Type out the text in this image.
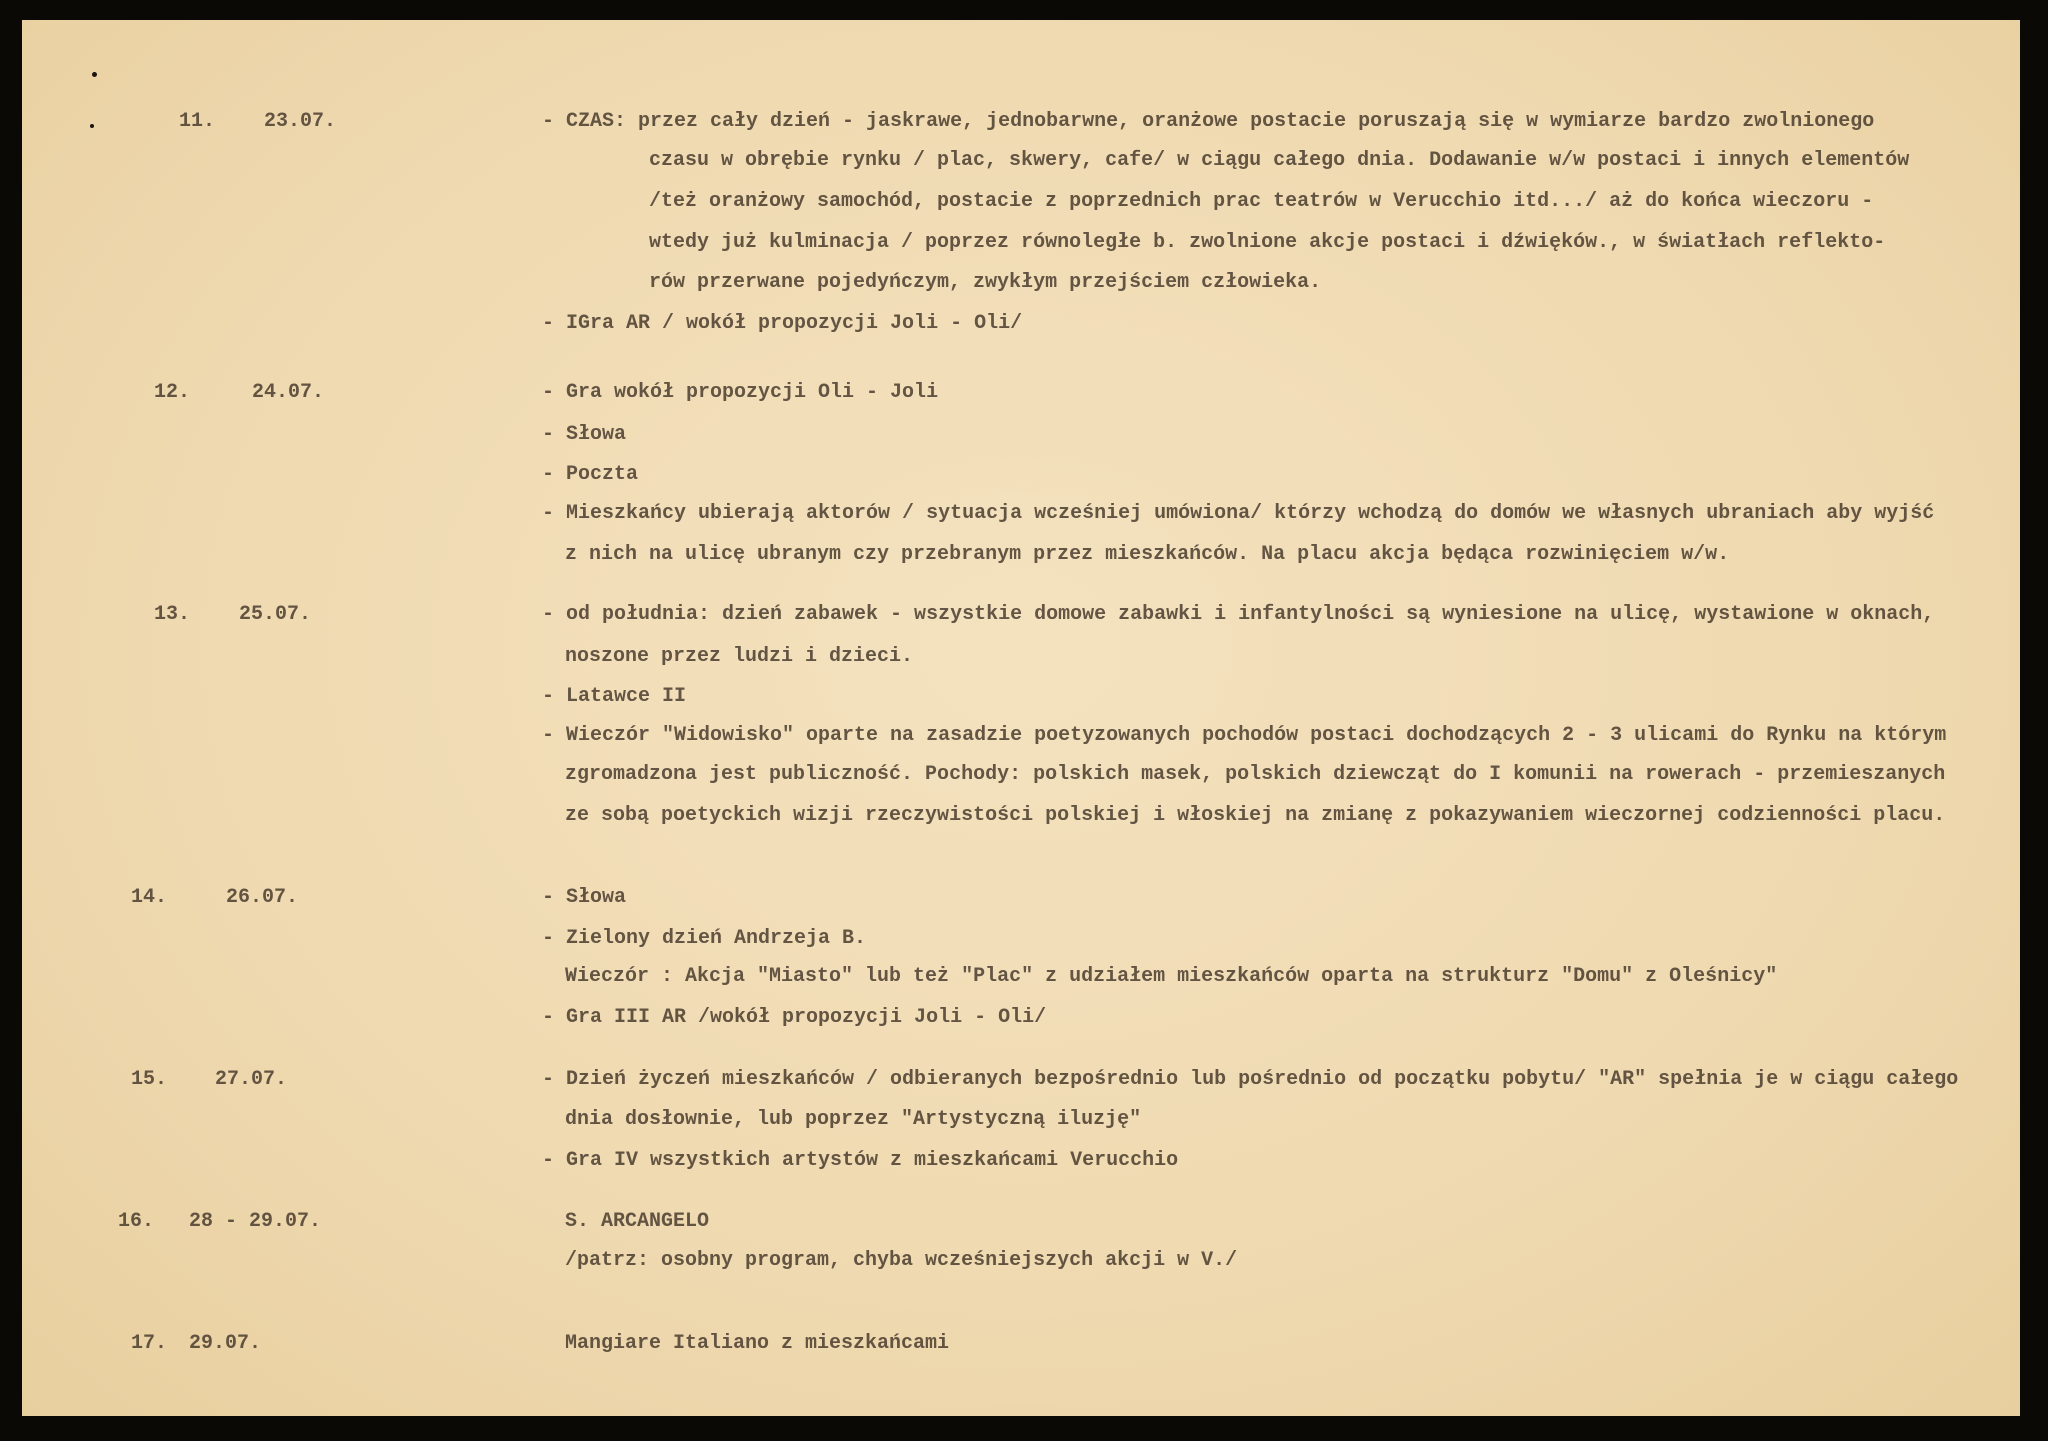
11. 23.07.	- CZAS: przez cały dzień - jaskrawe, jednobarwne, oranżowe postacie poruszają się w wymiarze bardzo zwolnionego
czasu w obrębie rynku / plac, skwery, cafe/ w ciągu całego dnia. Dodawanie w/w postaci i innych elementów
/też oranżowy samochód, postacie z poprzednich prac teatrów w Verucchio itd.../ aż do końca wieczoru -
wtedy już kulminacja / poprzez równoległe b. zwolnione akcje postaci i dźwięków., w światłach reflekto-
rów przerwane pojedyńczym, zwykłym przejściem człowieka.
- IGra AR / wokół propozycji Joli - Oli/
12.	24.07.	- Gra wokół propozycji Oli - Joli
- Słowa
- Poczta
- Mieszkańcy ubierają aktorów / sytuacja wcześniej umówiona/ którzy wchodzą do domów we własnych ubraniach aby wyjść
z nich na ulicę ubranym czy przebranym przez mieszkańców. Na placu akcja będąca rozwinięciem w/w.
13. 25.07.	- od południa: dzień zabawek - wszystkie domowe zabawki i infantylności są wyniesione na ulicę, wystawione w oknach,
noszone przez ludzi i dzieci.
- Latawce II
- Wieczór "Widowisko" oparte na zasadzie poetyzowanych pochodów postaci dochodzących 2 - 3 ulicami do Rynku na którym
zgromadzona jest publiczność. Pochody: polskich masek, polskich dziewcząt do I komunii na rowerach - przemieszanych
ze sobą poetyckich wizji rzeczywistości polskiej i włoskiej na zmianę z pokazywaniem wieczornej codzienności placu.
14.	26.07.	- Słowa
- Zielony dzień Andrzeja B.
Wieczór : Akcja "Miasto" lub też "Plac" z udziałem mieszkańców oparta na strukturz "Domu" z Oleśnicy"
- Gra III AR /wokół propozycji Joli - Oli/
15. 27.07.	- Dzień życzeń mieszkańców / odbieranych bezpośrednio lub pośrednio od początku pobytu/ "AR" spełnia je w ciągu całego
dnia dosłownie, lub poprzez "Artystyczną iluzję"
- Gra IV wszystkich artystów z mieszkańcami Verucchio
16. 28 - 29.07.	S. ARCANGELO
/patrz: osobny program, chyba wcześniejszych akcji w V./
17. 29.07.	Mangiare Italiano z mieszkańcami
